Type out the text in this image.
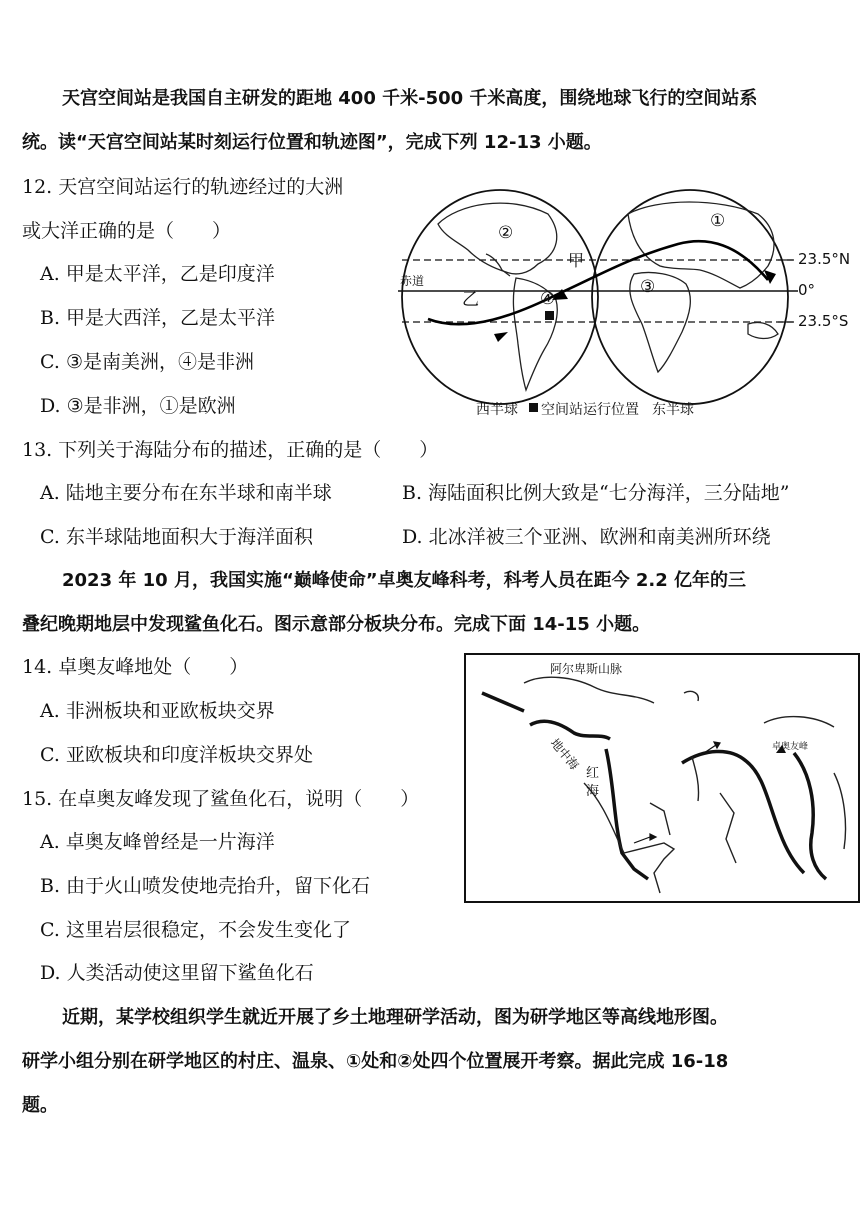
天宫空间站是我国自主研发的距地 400 千米-500 千米高度，围绕地球飞行的空间站系
统。读“天宫空间站某时刻运行位置和轨迹图”，完成下列 12-13 小题。
12. 天宫空间站运行的轨迹经过的大洲
或大洋正确的是（　　）
A. 甲是太平洋，乙是印度洋
B. 甲是大西洋，乙是太平洋
C. ③是南美洲，④是非洲
D. ③是非洲，①是欧洲
赤道
乙
甲
②
④
③
①
23.5°N
0°
23.5°S
西半球 空间站运行位置 东半球
13. 下列关于海陆分布的描述，正确的是（　　）
A. 陆地主要分布在东半球和南半球	B. 海陆面积比例大致是“七分海洋，三分陆地”
C. 东半球陆地面积大于海洋面积	D. 北冰洋被三个亚洲、欧洲和南美洲所环绕
2023 年 10 月，我国实施“巅峰使命”卓奥友峰科考，科考人员在距今 2.2 亿年的三
叠纪晚期地层中发现鲨鱼化石。图示意部分板块分布。完成下面 14-15 小题。
14. 卓奥友峰地处（　　）
A. 非洲板块和亚欧板块交界
C. 亚欧板块和印度洋板块交界处
15. 在卓奥友峰发现了鲨鱼化石，说明（　　）
A. 卓奥友峰曾经是一片海洋
B. 由于火山喷发使地壳抬升，留下化石
C. 这里岩层很稳定，不会发生变化了
D. 人类活动使这里留下鲨鱼化石
阿尔卑斯山脉
地中海
红
海
卓奥友峰
近期，某学校组织学生就近开展了乡土地理研学活动，图为研学地区等高线地形图。
研学小组分别在研学地区的村庄、温泉、①处和②处四个位置展开考察。据此完成 16-18
题。
